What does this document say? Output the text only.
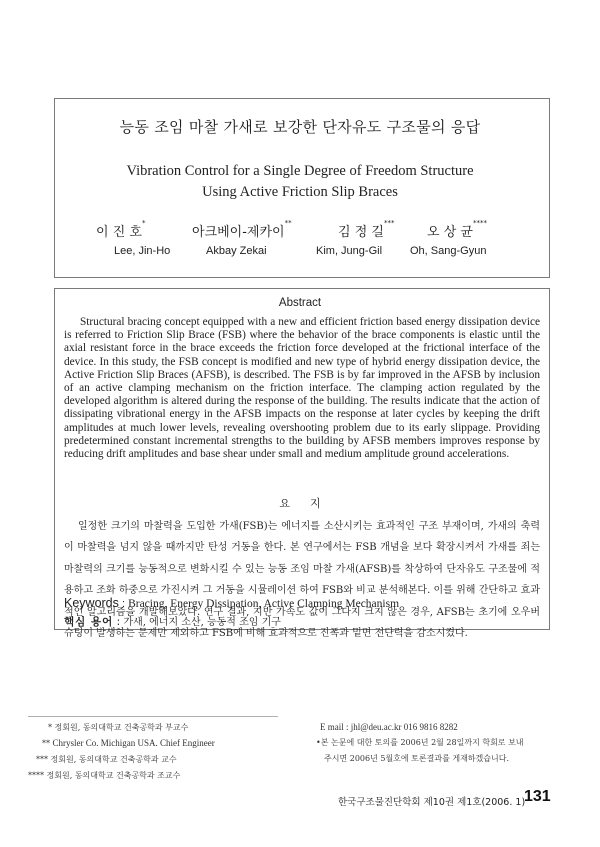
능동 조임 마찰 가새로 보강한 단자유도 구조물의 응답
Vibration Control for a Single Degree of Freedom Structure
Using Active Friction Slip Braces
이 진 호*
아크베이-제카이**
김 정 길***
오 상 균****
Lee, Jin-Ho	Akbay Zekai	Kim, Jung-Gil	Oh, Sang-Gyun
Abstract
Structural bracing concept equipped with a new and efficient friction based energy dissipation device is referred to Friction Slip Brace (FSB) where the behavior of the brace components is elastic until the axial resistant force in the brace exceeds the friction force developed at the frictional interface of the device. In this study, the FSB concept is modified and new type of hybrid energy dissipation device, the Active Friction Slip Braces (AFSB), is described. The FSB is by far improved in the AFSB by inclusion of an active clamping mechanism on the friction interface. The clamping action regulated by the developed algorithm is altered during the response of the building. The results indicate that the action of dissipating vibrational energy in the AFSB impacts on the response at later cycles by keeping the drift amplitudes at much lower levels, revealing overshooting problem due to its early slippage. Providing predetermined constant incremental strengths to the building by AFSB members improves response by reducing drift amplitudes and base shear under small and medium amplitude ground accelerations.
요지
일정한 크기의 마찰력을 도입한 가새(FSB)는 에너지를 소산시키는 효과적인 구조 부재이며, 가새의 축력이 마찰력을 넘지 않을 때까지만 탄성 거동을 한다. 본 연구에서는 FSB 개념을 보다 확장시켜서 가새를 죄는 마찰력의 크기를 능동적으로 변화시킬 수 있는 능동 조임 마찰 가새(AFSB)를 착상하여 단자유도 구조물에 적용하고 조화 하중으로 가진시켜 그 거동을 시뮬레이션 하여 FSB와 비교 분석해본다. 이를 위해 간단하고 효과적인 알고리즘을 개발해보았다. 연구 결과, 지반 가속도 값이 그다지 크지 않은 경우, AFSB는 초기에 오우버슈팅이 발생하는 문제만 제외하고 FSB에 비해 효과적으로 진폭과 밑면 전단력을 감소시켰다.
Keywords : Bracing, Energy Dissipation, Active Clamping Mechanism
핵심 용어 : 가새, 에너지 소산, 능동적 조임 기구
* 정회원, 동의대학교 건축공학과 부교수
** Chrysler Co. Michigan USA. Chief Engineer
*** 정회원, 동의대학교 건축공학과 교수
**** 정회원, 동의대학교 건축공학과 조교수
E mail : jhl@deu.ac.kr 016 9816 8282
•본 논문에 대한 토의를 2006년 2월 28일까지 학회로 보내
주시면 2006년 5월호에 토론결과를 게재하겠습니다.
한국구조물진단학회 제10권 제1호(2006. 1)
131
